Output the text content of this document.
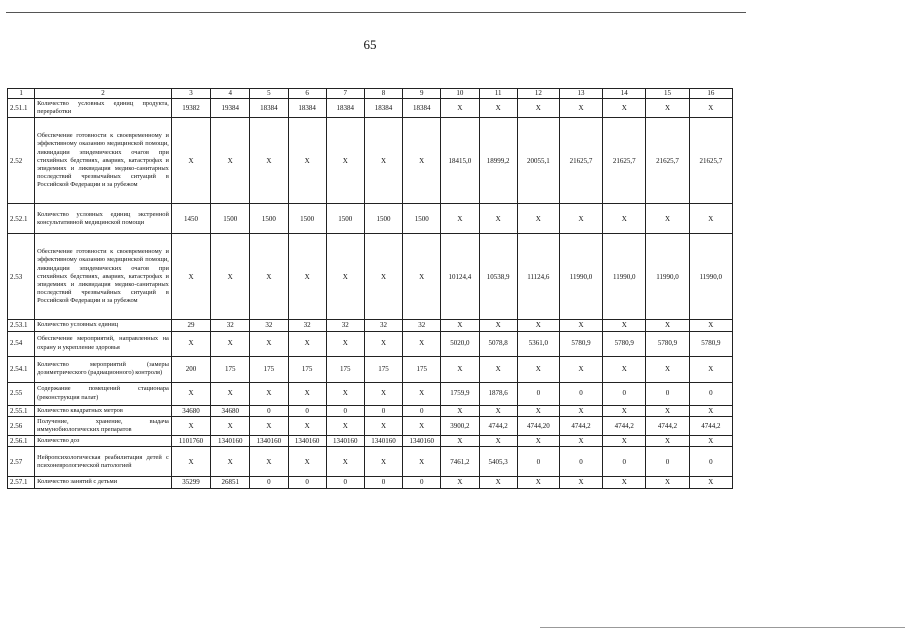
65
1	2	3	4	5	6	7	8	9	10	11	12	13	14	15	16
2.51.1	Количество условных единиц продукта, переработки	19382	19384	18384	18384	18384	18384	18384	X	X	X	X	X	X	X
2.52	Обеспечение готовности к своевременному и эффективному оказанию медицинской помощи, ликвидации эпидемических очагов при стихийных бедствиях, авариях, катастрофах и эпидемиях и ликвидация медико-санитарных последствий чрезвычайных ситуаций в Российской Федерации и за рубежом	X	X	X	X	X	X	X	18415,0	18999,2	20055,1	21625,7	21625,7	21625,7	21625,7
2.52.1	Количество условных единиц экстренной консультативной медицинской помощи	1450	1500	1500	1500	1500	1500	1500	X	X	X	X	X	X	X
2.53	Обеспечение готовности к своевременному и эффективному оказанию медицинской помощи, ликвидации эпидемических очагов при стихийных бедствиях, авариях, катастрофах и эпидемиях и ликвидация медико-санитарных последствий чрезвычайных ситуаций в Российской Федерации и за рубежом	X	X	X	X	X	X	X	10124,4	10538,9	11124,6	11990,0	11990,0	11990,0	11990,0
2.53.1	Количество условных единиц	29	32	32	32	32	32	32	X	X	X	X	X	X	X
2.54	Обеспечение мероприятий, направленных на охрану и укрепление здоровья	X	X	X	X	X	X	X	5020,0	5078,8	5361,0	5780,9	5780,9	5780,9	5780,9
2.54.1	Количество мероприятий (замеры дозиметрического (радиационного) контроля)	200	175	175	175	175	175	175	X	X	X	X	X	X	X
2.55	Содержание помещений стационара (реконструкция палат)	X	X	X	X	X	X	X	1759,9	1878,6	0	0	0	0	0
2.55.1	Количество квадратных метров	34680	34680	0	0	0	0	0	X	X	X	X	X	X	X
2.56	Получение, хранение, выдача иммунобиологических препаратов	X	X	X	X	X	X	X	3900,2	4744,2	4744,20	4744,2	4744,2	4744,2	4744,2
2.56.1	Количество доз	1101760	1340160	1340160	1340160	1340160	1340160	1340160	X	X	X	X	X	X	X
2.57	Нейропсихологическая реабилитация детей с психоневрологической патологией	X	X	X	X	X	X	X	7461,2	5405,3	0	0	0	0	0
2.57.1	Количество занятий с детьми	35299	26851	0	0	0	0	0	X	X	X	X	X	X	X
